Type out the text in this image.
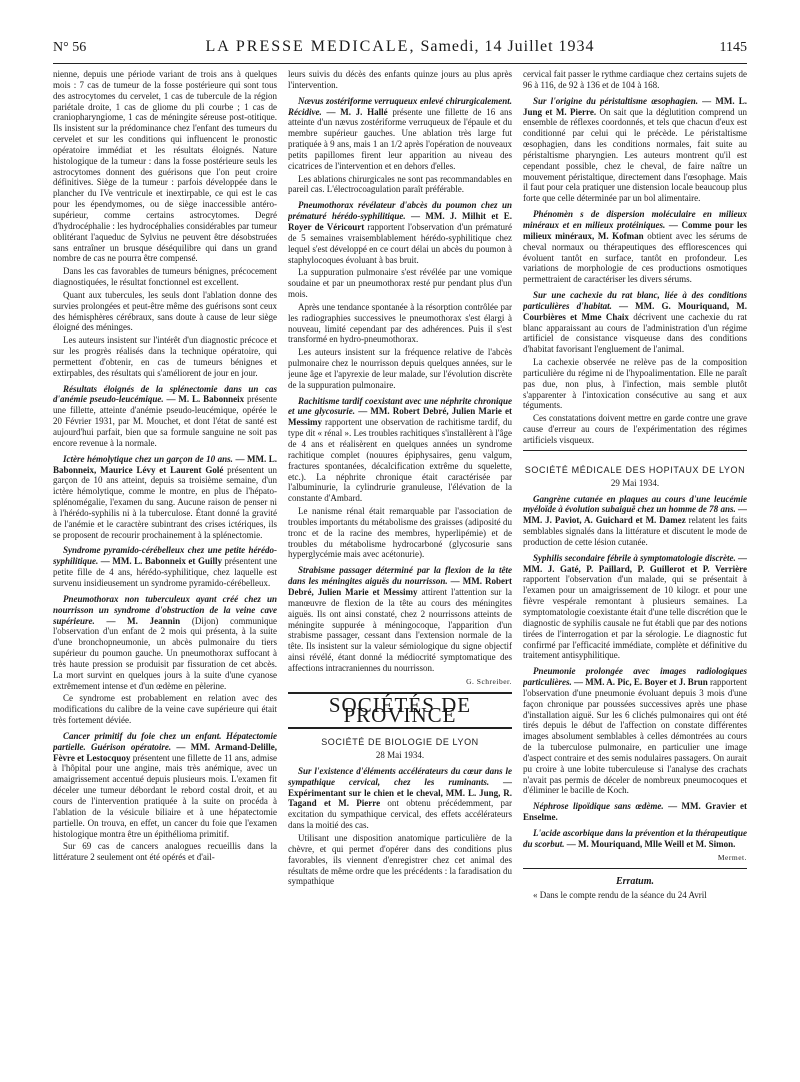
N° 56	LA PRESSE MEDICALE, Samedi, 14 Juillet 1934	1145

nienne, depuis une période variant de trois ans à quelques mois : 7 cas de tumeur de la fosse postérieure qui sont tous des astrocytomes du cervelet, 1 cas de tubercule de la région pariétale droite, 1 cas de gliome du pli courbe ; 1 cas de craniopharyngiome, 1 cas de méningite séreuse post-otitique. Ils insistent sur la prédominance chez l'enfant des tumeurs du cervelet et sur les conditions qui influencent le pronostic opératoire immédiat et les résultats éloignés. Nature histologique de la tumeur : dans la fosse postérieure seuls les astrocytomes donnent des guérisons que l'on peut croire définitives. Siège de la tumeur : parfois développée dans le plancher du IVe ventricule et inextirpable, ce qui est le cas pour les épendymomes, ou de siège inaccessible antéro-supérieur, comme certains astrocytomes. Degré d'hydrocéphalie : les hydrocéphalies considérables par tumeur oblitérant l'aqueduc de Sylvius ne peuvent être désobstruées sans entraîner un brusque déséquilibre qui dans un grand nombre de cas ne pourra être compensé.

Dans les cas favorables de tumeurs bénignes, précocement diagnostiquées, le résultat fonctionnel est excellent.

Quant aux tubercules, les seuls dont l'ablation donne des survies prolongées et peut-être même des guérisons sont ceux des hémisphères cérébraux, sans doute à cause de leur siège éloigné des méninges.

Les auteurs insistent sur l'intérêt d'un diagnostic précoce et sur les progrès réalisés dans la technique opératoire, qui permettent d'obtenir, en cas de tumeurs bénignes et extirpables, des résultats qui s'améliorent de jour en jour.

Résultats éloignés de la splénectomie dans un cas d'anémie pseudo-leucémique. — M. L. Babonneix présente une fillette, atteinte d'anémie pseudo-leucémique, opérée le 20 Février 1931, par M. Mouchet, et dont l'état de santé est aujourd'hui parfait, bien que sa formule sanguine ne soit pas encore revenue à la normale.

Ictère hémolytique chez un garçon de 10 ans. — MM. L. Babonneix, Maurice Lévy et Laurent Golé présentent un garçon de 10 ans atteint, depuis sa troisième semaine, d'un ictère hémolytique, comme le montre, en plus de l'hépato-splénomégalie, l'examen du sang. Aucune raison de penser ni à l'hérédo-syphilis ni à la tuberculose. Étant donné la gravité de l'anémie et le caractère subintrant des crises ictériques, ils se proposent de recourir prochainement à la splénectomie.

Syndrome pyramido-cérébelleux chez une petite hérédo-syphilitique. — MM. L. Babonneix et Guilly présentent une petite fille de 4 ans, hérédo-syphilitique, chez laquelle est survenu insidieusement un syndrome pyramido-cérébelleux.

Pneumothorax non tuberculeux ayant créé chez un nourrisson un syndrome d'obstruction de la veine cave supérieure. — M. Jeannin (Dijon) communique l'observation d'un enfant de 2 mois qui présenta, à la suite d'une bronchopneumonie, un abcès pulmonaire du tiers supérieur du poumon gauche. Un pneumothorax suffocant à très haute pression se produisit par fissuration de cet abcès. La mort survint en quelques jours à la suite d'une cyanose extrêmement intense et d'un œdème en pèlerine.

Ce syndrome est probablement en relation avec des modifications du calibre de la veine cave supérieure qui était très fortement déviée.

Cancer primitif du foie chez un enfant. Hépatectomie partielle. Guérison opératoire. — MM. Armand-Delille, Fèvre et Lestocquoy présentent une fillette de 11 ans, admise à l'hôpital pour une angine, mais très anémique, avec un amaigrissement accentué depuis plusieurs mois. L'examen fit déceler une tumeur débordant le rebord costal droit, et au cours de l'intervention pratiquée à la suite on procéda à l'ablation de la vésicule biliaire et à une hépatectomie partielle. On trouva, en effet, un cancer du foie que l'examen histologique montra être un épithélioma primitif.

Sur 69 cas de cancers analogues recueillis dans la littérature 2 seulement ont été opérés et d'ail-

leurs suivis du décès des enfants quinze jours au plus après l'intervention.

Nævus zostériforme verruqueux enlevé chirurgicalement. Récidive. — M. J. Hallé présente une fillette de 16 ans atteinte d'un nævus zostériforme verruqueux de l'épaule et du membre supérieur gauches. Une ablation très large fut pratiquée à 9 ans, mais 1 an 1/2 après l'opération de nouveaux petits papillomes firent leur apparition au niveau des cicatrices de l'intervention et en dehors d'elles.

Les ablations chirurgicales ne sont pas recommandables en pareil cas. L'électrocoagulation paraît préférable.

Pneumothorax révélateur d'abcès du poumon chez un prématuré hérédo-syphilitique. — MM. J. Milhit et E. Royer de Véricourt rapportent l'observation d'un prématuré de 5 semaines vraisemblablement hérédo-syphilitique chez lequel s'est développé en ce court délai un abcès du poumon à staphylocoques évoluant à bas bruit.

La suppuration pulmonaire s'est révélée par une vomique soudaine et par un pneumothorax resté pur pendant plus d'un mois.

Après une tendance spontanée à la résorption contrôlée par les radiographies successives le pneumothorax s'est élargi à nouveau, limité cependant par des adhérences. Puis il s'est transformé en hydro-pneumothorax.

Les auteurs insistent sur la fréquence relative de l'abcès pulmonaire chez le nourrisson depuis quelques années, sur le jeune âge et l'apyrexie de leur malade, sur l'évolution discrète de la suppuration pulmonaire.

Rachitisme tardif coexistant avec une néphrite chronique et une glycosurie. — MM. Robert Debré, Julien Marie et Messimy rapportent une observation de rachitisme tardif, du type dit « rénal ». Les troubles rachitiques s'installèrent à l'âge de 4 ans et réalisèrent en quelques années un syndrome rachitique complet (nouures épiphysaires, genu valgum, fractures spontanées, décalcification extrême du squelette, etc.). La néphrite chronique était caractérisée par l'albuminurie, la cylindrurie granuleuse, l'élévation de la constante d'Ambard.

Le nanisme rénal était remarquable par l'association de troubles importants du métabolisme des graisses (adiposité du tronc et de la racine des membres, hyperlipémie) et de troubles du métabolisme hydrocarboné (glycosurie sans hyperglycémie mais avec acétonurie).

Strabisme passager déterminé par la flexion de la tête dans les méningites aiguës du nourrisson. — MM. Robert Debré, Julien Marie et Messimy attirent l'attention sur la manœuvre de flexion de la tête au cours des méningites aiguës. Ils ont ainsi constaté, chez 2 nourrissons atteints de méningite suppurée à méningocoque, l'apparition d'un strabisme passager, cessant dans l'extension normale de la tête. Ils insistent sur la valeur sémiologique du signe objectif ainsi révélé, étant donné la médiocrité symptomatique des affections intracraniennes du nourrisson.

G. Schreiber.

SOCIÉTÉS DE PROVINCE
SOCIÉTÉ DE BIOLOGIE DE LYON
28 Mai 1934.

Sur l'existence d'éléments accélérateurs du cœur dans le sympathique cervical, chez les ruminants. — Expérimentant sur le chien et le cheval, MM. L. Jung, R. Tagand et M. Pierre ont obtenu précédemment, par excitation du sympathique cervical, des effets accélérateurs dans la moitié des cas.

Utilisant une disposition anatomique particulière de la chèvre, et qui permet d'opérer dans des conditions plus favorables, ils viennent d'enregistrer chez cet animal des résultats de même ordre que les précédents : la faradisation du sympathique

cervical fait passer le rythme cardiaque chez certains sujets de 96 à 116, de 92 à 136 et de 104 à 168.

Sur l'origine du péristaltisme œsophagien. — MM. L. Jung et M. Pierre. On sait que la déglutition comprend un ensemble de réflexes coordonnés, et tels que chacun d'eux est conditionné par celui qui le précède. Le péristaltisme œsophagien, dans les conditions normales, fait suite au péristaltisme pharyngien. Les auteurs montrent qu'il est cependant possible, chez le cheval, de faire naître un mouvement péristaltique, directement dans l'œsophage. Mais il faut pour cela pratiquer une distension locale beaucoup plus forte que celle déterminée par un bol alimentaire.

Phénomèn s de dispersion moléculaire en milieux minéraux et en milieux protéiniques. — Comme pour les milieux minéraux, M. Kofman obtient avec les sérums de cheval normaux ou thérapeutiques des efflorescences qui évoluent tantôt en surface, tantôt en profondeur. Les variations de morphologie de ces productions osmotiques permettraient de caractériser les divers sérums.

Sur une cachexie du rat blanc, liée à des conditions particulières d'habitat. — MM. G. Mouriquand, M. Courbières et Mme Chaix décrivent une cachexie du rat blanc apparaissant au cours de l'administration d'un régime artificiel de consistance visqueuse dans des conditions d'habitat favorisant l'engluement de l'animal.

La cachexie observée ne relève pas de la composition particulière du régime ni de l'hypoalimentation. Elle ne paraît pas due, non plus, à l'infection, mais semble plutôt s'apparenter à l'intoxication consécutive au sang et aux téguments.

Ces constatations doivent mettre en garde contre une grave cause d'erreur au cours de l'expérimentation des régimes artificiels visqueux.

SOCIÉTÉ MÉDICALE DES HOPITAUX DE LYON
29 Mai 1934.

Gangrène cutanée en plaques au cours d'une leucémie myéloïde à évolution subaiguë chez un homme de 78 ans. — MM. J. Paviot, A. Guichard et M. Damez relatent les faits semblables signalés dans la littérature et discutent le mode de production de cette lésion cutanée.

Syphilis secondaire fébrile à symptomatologie discrète. — MM. J. Gaté, P. Paillard, P. Guillerot et P. Verrière rapportent l'observation d'un malade, qui se présentait à l'examen pour un amaigrissement de 10 kilogr. et pour une fièvre vespérale remontant à plusieurs semaines. La symptomatologie coexistante était d'une telle discrétion que le diagnostic de syphilis causale ne fut établi que par des notions tirées de l'interrogation et par la sérologie. Le diagnostic fut confirmé par l'efficacité immédiate, complète et définitive du traitement antisyphilitique.

Pneumonie prolongée avec images radiologiques particulières. — MM. A. Pic, E. Boyer et J. Brun rapportent l'observation d'une pneumonie évoluant depuis 3 mois d'une façon chronique par poussées successives après une phase d'installation aiguë. Sur les 6 clichés pulmonaires qui ont été tirés depuis le début de l'affection on constate différentes images absolument semblables à celles démontrées au cours de la tuberculose pulmonaire, en particulier une image d'aspect contraire et des semis nodulaires passagers. On aurait pu croire à une lobite tuberculeuse si l'analyse des crachats n'avait pas permis de déceler de nombreux pneumocoques et d'éliminer le bacille de Koch.

Néphrose lipoïdique sans œdème. — MM. Gravier et Enselme.

L'acide ascorbique dans la prévention et la thérapeutique du scorbut. — M. Mouriquand, Mlle Weill et M. Simon.

Mermet.

Erratum.

« Dans le compte rendu de la séance du 24 Avril
